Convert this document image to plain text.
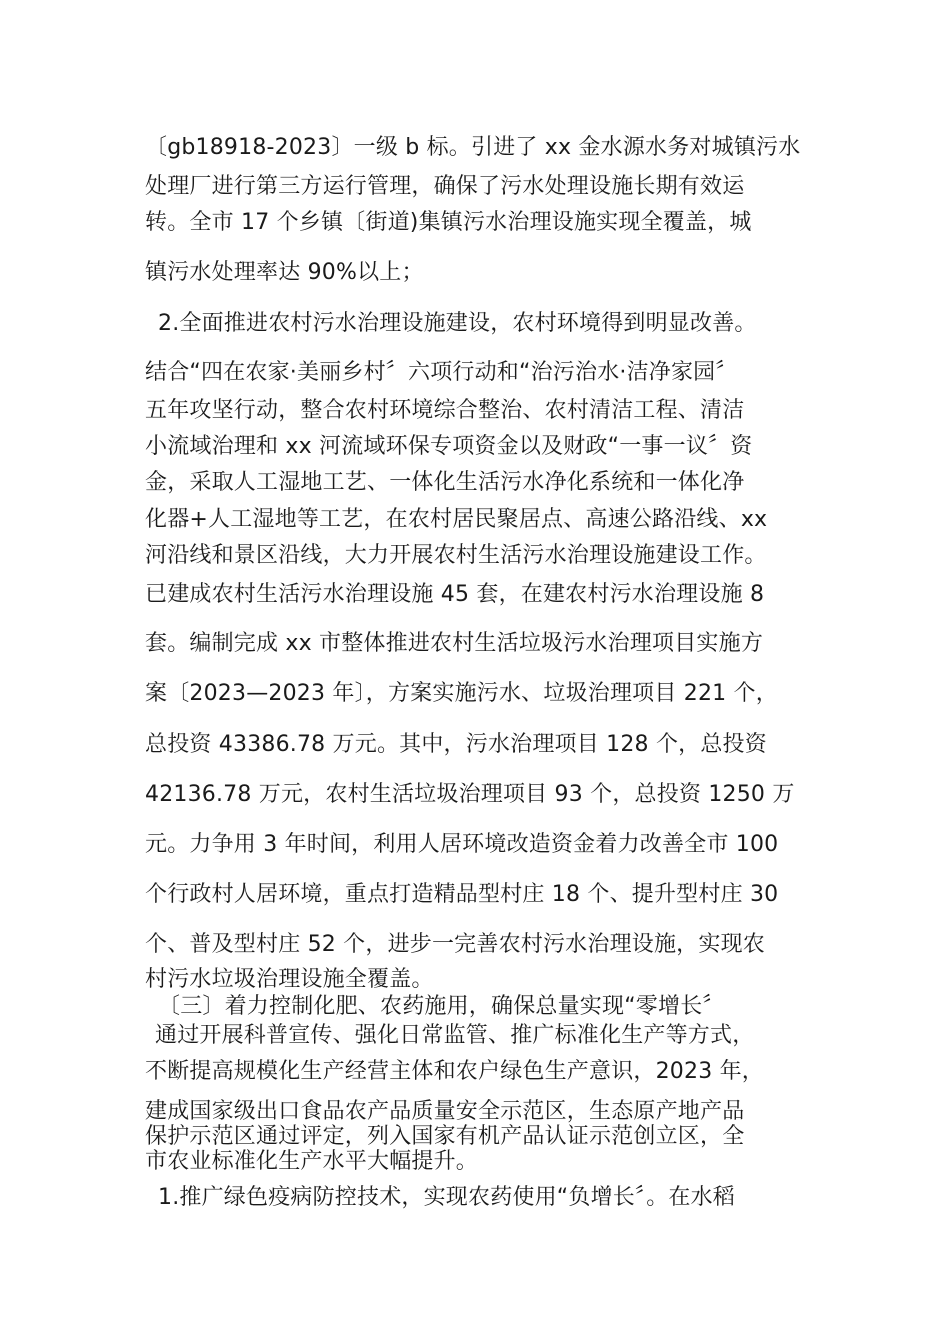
〔gb18918-2023〕一级 b 标。引进了 xx 金水源水务对城镇污水

处理厂进行第三方运行管理，确保了污水处理设施长期有效运

转。全市 17 个乡镇〔街道)集镇污水治理设施实现全覆盖，城

镇污水处理率达 90%以上；

2.全面推进农村污水治理设施建设，农村环境得到明显改善。

结合“四在农家·美丽乡村〞六项行动和“治污治水·洁净家园〞

五年攻坚行动，整合农村环境综合整治、农村清洁工程、清洁

小流域治理和 xx 河流域环保专项资金以及财政“一事一议〞资

金，采取人工湿地工艺、一体化生活污水净化系统和一体化净

化器+人工湿地等工艺，在农村居民聚居点、高速公路沿线、xx

河沿线和景区沿线，大力开展农村生活污水治理设施建设工作。

已建成农村生活污水治理设施 45 套，在建农村污水治理设施 8

套。编制完成 xx 市整体推进农村生活垃圾污水治理项目实施方

案〔2023—2023 年〕，方案实施污水、垃圾治理项目 221 个，

总投资 43386.78 万元。其中，污水治理项目 128 个，总投资

42136.78 万元，农村生活垃圾治理项目 93 个，总投资 1250 万

元。力争用 3 年时间，利用人居环境改造资金着力改善全市 100

个行政村人居环境，重点打造精品型村庄 18 个、提升型村庄 30

个、普及型村庄 52 个，进步一完善农村污水治理设施，实现农

村污水垃圾治理设施全覆盖。

〔三〕着力控制化肥、农药施用，确保总量实现“零增长〞

通过开展科普宣传、强化日常监管、推广标准化生产等方式，

不断提高规模化生产经营主体和农户绿色生产意识，2023 年，

建成国家级出口食品农产品质量安全示范区，生态原产地产品

保护示范区通过评定，列入国家有机产品认证示范创立区，全

市农业标准化生产水平大幅提升。

1.推广绿色疫病防控技术，实现农药使用“负增长〞。在水稻
